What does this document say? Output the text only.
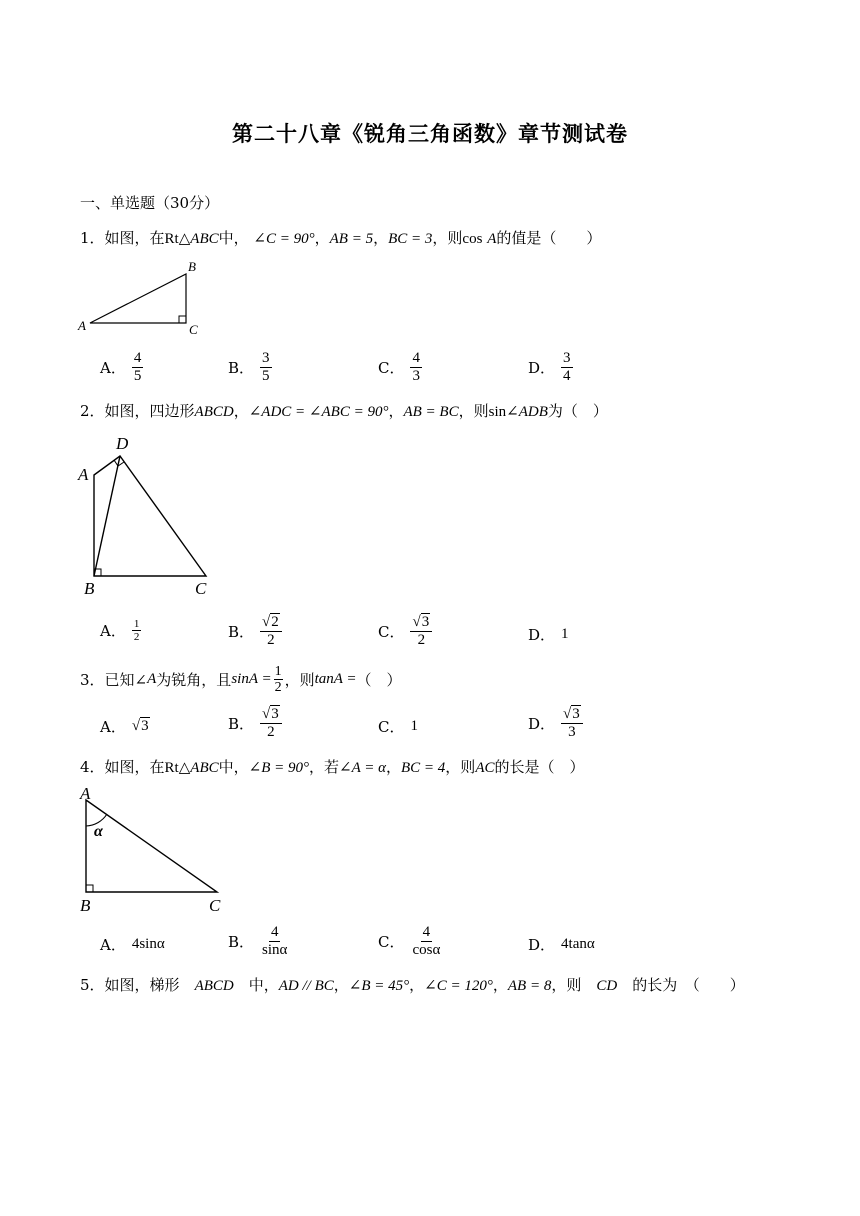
第二十八章《锐角三角函数》章节测试卷
一、单选题（30分）
1．如图，在Rt△ABC中， ∠C = 90°，AB = 5，BC = 3，则cos A的值是（　　）
A
B
C
A． $\frac{4}{5}$	B． $\frac{3}{5}$	C． $\frac{4}{3}$	D． $\frac{3}{4}$
2．如图，四边形ABCD，∠ADC = ∠ABC = 90°，AB = BC，则sin∠ADB为（　）
D
A
B	C
A． $\frac{1}{2}$	B． $\frac{√2}{2}$	C． $\frac{√3}{2}$	D． 1
3．已知∠ A 为锐角，且 $\sin A = \frac{1}{2}$ ，则 tanA = （　）
A． √3	B． $\frac{√3}{2}$	C． 1	D． $\frac{√3}{3}$
4．如图，在Rt△ABC中，∠B = 90°，若∠A = α，BC = 4，则AC的长是（　）
A
α
B	C
A． 4sinα	B． $\frac{4}{\sin\alpha}$	C． $\frac{4}{\cos\alpha}$	D． 4tanα
5．如图，梯形　 ABCD　 中，AD // BC，∠B = 45°，∠C = 120°，AB = 8，则　 CD　 的长为　（　　）
